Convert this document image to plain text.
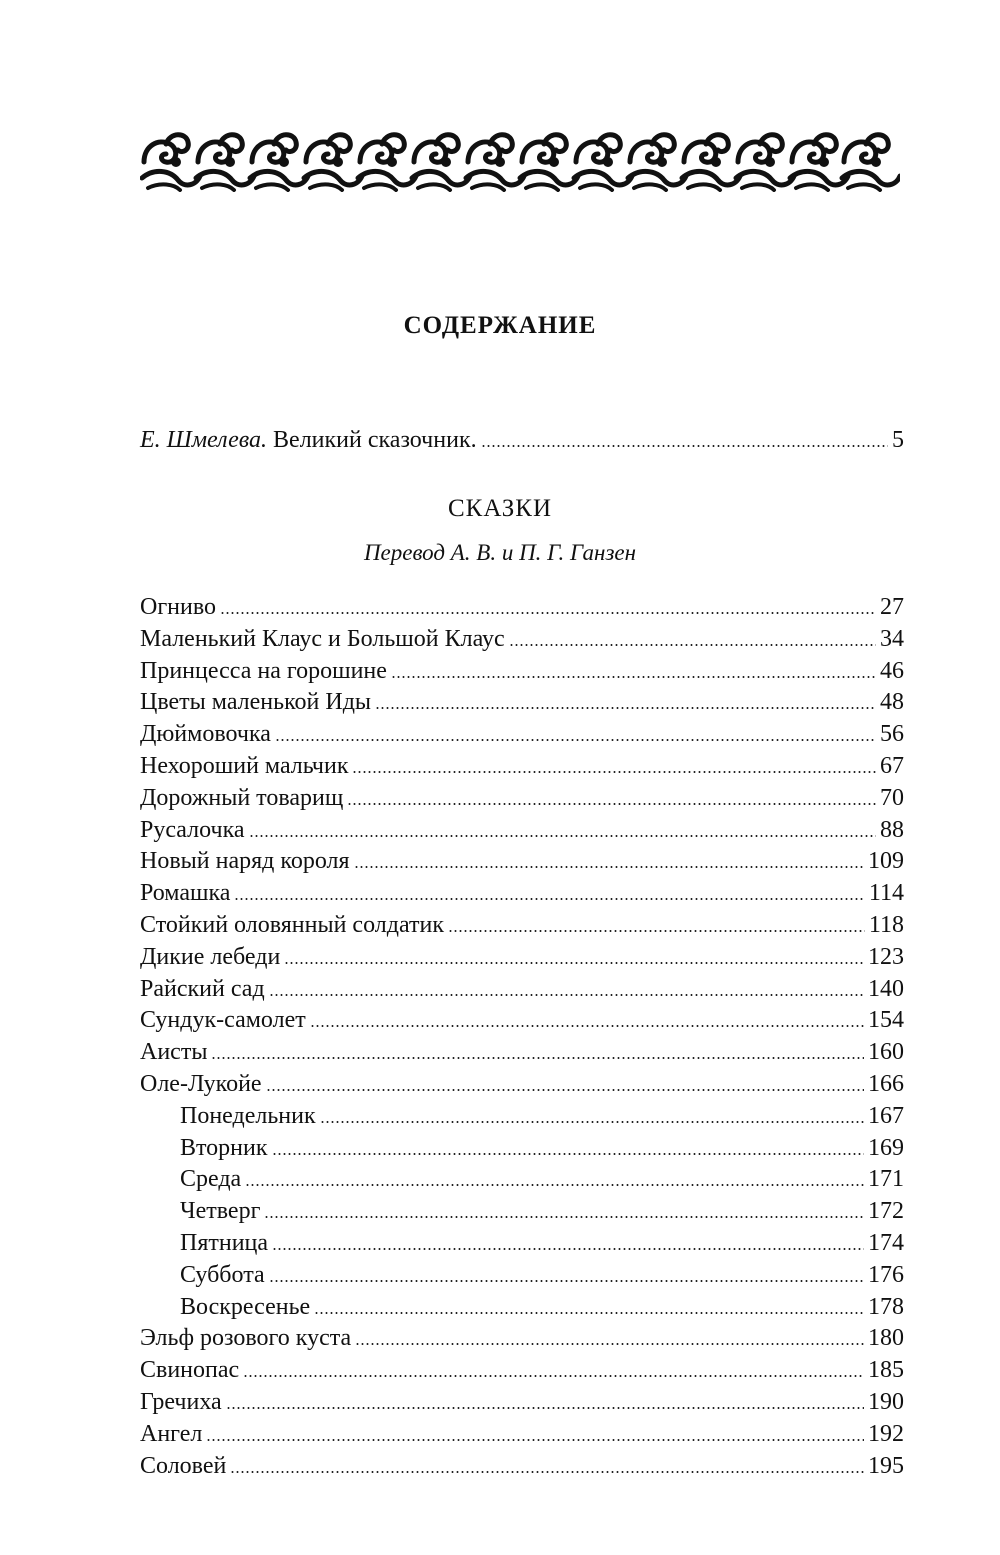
СОДЕРЖАНИЕ
Е. Шмелева. Великий сказочник.	5
СКАЗКИ
Перевод А. В. и П. Г. Ганзен
Огниво	27
Маленький Клаус и Большой Клаус	34
Принцесса на горошине	46
Цветы маленькой Иды	48
Дюймовочка	56
Нехороший мальчик	67
Дорожный товарищ	70
Русалочка	88
Новый наряд короля	109
Ромашка	114
Стойкий оловянный солдатик	118
Дикие лебеди	123
Райский сад	140
Сундук-самолет	154
Аисты	160
Оле-Лукойе	166
Понедельник	167
Вторник	169
Среда	171
Четверг	172
Пятница	174
Суббота	176
Воскресенье	178
Эльф розового куста	180
Свинопас	185
Гречиха	190
Ангел	192
Соловей	195
